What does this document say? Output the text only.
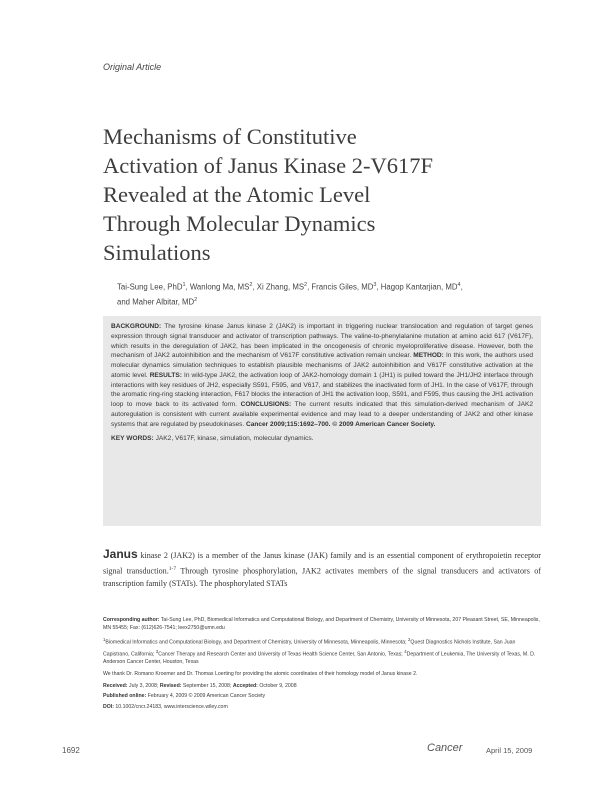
Original Article
Mechanisms of Constitutive
Activation of Janus Kinase 2-V617F
Revealed at the Atomic Level
Through Molecular Dynamics
Simulations
Tai-Sung Lee, PhD$^1$, Wanlong Ma, $MS^2$, Xi Zhang, $MS^2$, Francis Giles, $MD^3$, Hagop Kantarjian, $MD^4$,
and Maher Albitar, $MD^2$
BACKGROUND: The tyrosine kinase Janus kinase 2 (JAK2) is important in triggering nuclear translocation and regulation of target genes expression through signal transducer and activator of transcription pathways. The valine-to-phenylalanine mutation at amino acid 617 (V617F), which results in the deregulation of JAK2, has been implicated in the oncogenesis of chronic myeloproliferative disease. However, both the mechanism of JAK2 autoinhibition and the mechanism of V617F constitutive activation remain unclear. METHOD: In this work, the authors used molecular dynamics simulation techniques to establish plausible mechanisms of JAK2 autoinhibition and V617F constitutive activation at the atomic level. RESULTS: In wild-type JAK2, the activation loop of JAK2-homology domain 1 (JH1) is pulled toward the JH1/JH2 interface through interactions with key residues of JH2, especially S591, F595, and V617, and stabilizes the inactivated form of JH1. In the case of V617F, through the aromatic ring-ring stacking interaction, F617 blocks the interaction of JH1 the activation loop, S591, and F595, thus causing the JH1 activation loop to move back to its activated form. CONCLUSIONS: The current results indicated that this simulation-derived mechanism of JAK2 autoregulation is consistent with current available experimental evidence and may lead to a deeper understanding of JAK2 and other kinase systems that are regulated by pseudokinases. Cancer 2009;115:1692–700. © 2009 American Cancer Society.
KEY WORDS: JAK2, V617F, kinase, simulation, molecular dynamics.
Janus kinase 2 (JAK2) is a member of the Janus kinase (JAK) family and is an essential component of erythropoietin receptor signal transduction.$^{1-7}$ Through tyrosine phosphorylation, JAK2 activates members of the signal transducers and activators of transcription family (STATs). The phosphorylated STATs
Corresponding author: Tai-Sung Lee, PhD, Biomedical Informatics and Computational Biology, and Department of Chemistry, University of Minnesota, 207 Pleasant Street, SE, Minneapolis, MN 55455; Fax: (612)626-7541; leex2750@umn.edu
$^1$Biomedical Informatics and Computational Biology, and Department of Chemistry, University of Minnesota, Minneapolis, Minnesota; $^2$Quest Diagnostics Nichols Institute, San Juan Capistrano, California; $^3$Cancer Therapy and Research Center and University of Texas Health Science Center, San Antonio, Texas; $^4$Department of Leukemia, The University of Texas, M. D. Anderson Cancer Center, Houston, Texas
We thank Dr. Romano Kroemer and Dr. Thomas Loerting for providing the atomic coordinates of their homology model of Janus kinase 2.
Received: July 3, 2008; Revised: September 15, 2008; Accepted: October 9, 2008
Published online: February 4, 2009 © 2009 American Cancer Society
DOI: 10.1002/cncr.24183, www.interscience.wiley.com
1692	Cancer	April 15, 2009
